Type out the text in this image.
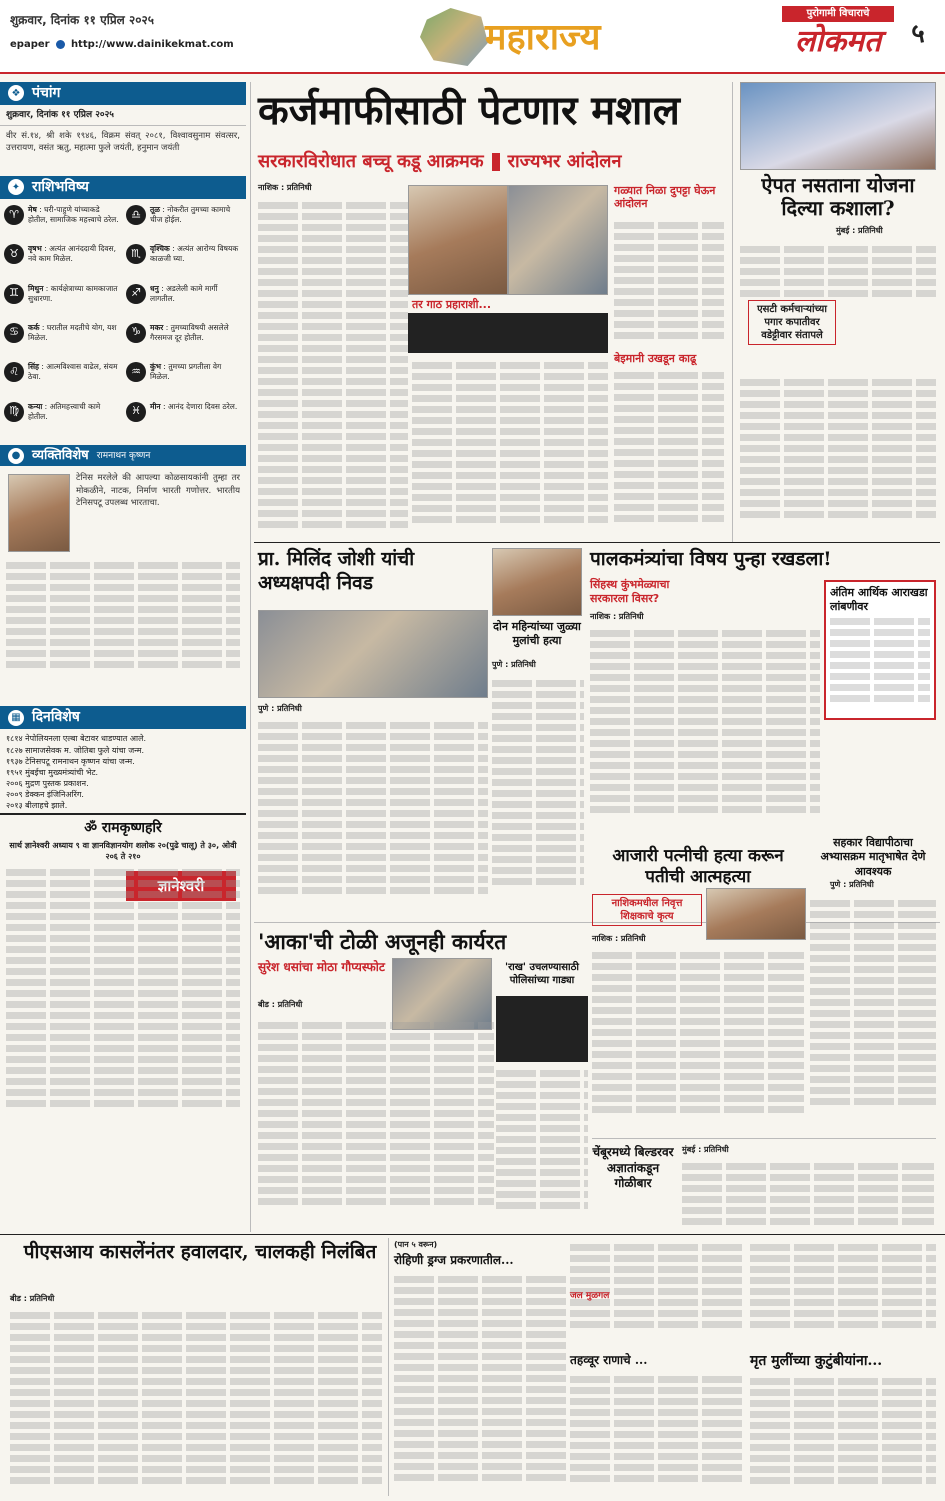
शुक्रवार, दिनांक ११ एप्रिल २०२५
epaper http://www.dainikekmat.com	महाराज्य
पुरोगामी विचाराचे
लोकमत	५
❖ पंचांग
शुक्रवार, दिनांक ११ एप्रिल २०२५
वीर सं.१४, श्री शके १९४६, विक्रम संवत् २०८१, विश्वावसुनाम संवत्सर, उत्तरायण, वसंत ऋतु, महात्मा फुले जयंती, हनुमान जयंती
✦ राशिभविष्य
♈	मेष : घरी-पाहुणे यांच्याकडे होतील, सामाजिक महत्त्वाचे ठरेल.	♎	तूळ : नोकरीत तुमच्या कामाचे चीज होईल.
♉	वृषभ : अत्यंत आनंददायी दिवस, नवे काम मिळेल.	♏	वृश्चिक : अत्यंत आरोग्य विषयक काळजी घ्या.
♊	मिथुन : कार्यक्षेत्राच्या कामकाजात सुधारणा.	♐	धनु : अडलेली कामे मार्गी लागतील.
♋	कर्क : घरातील मदतीचे योग, यश मिळेल.	♑	मकर : तुमच्याविषयी असलेले गैरसमज दूर होतील.
♌	सिंह : आत्मविश्वास वाढेल, संयम ठेवा.	♒	कुंभ : तुमच्या प्रगतीला वेग मिळेल.
♍	कन्या : अतिमहत्त्वाची कामे होतील.	♓	मीन : आनंद देणारा दिवस ठरेल.
● व्यक्तिविशेष रामनाथन कृष्णन
टेनिस मरलेले की आपल्या कोळसायकांनी तुम्हा तर मोकळीने, नाटक, निर्माण भारती गणोत्तर. भारतीय टेनिसपटू उपलब्ध भारताचा.
▦ दिनविशेष
१८१४ नेपोलियनला एल्बा बेटावर धाडण्यात आले.
१८२७ सामाजसेवक म. जोतिबा फुले यांचा जन्म.
१९३७ टेनिसपटू रामनाथन कृष्णन यांचा जन्म.
१९५१ मुंबईचा मुख्यमंत्र्यांची भेट.
२००६ मुद्रण पुस्तक प्रकाशन.
२००९ डेक्कन इंजिनिअरिंग.
२०१३ बीलाहचे झाले.
ॐ रामकृष्णहरि
सार्थ ज्ञानेश्वरी अध्याय ९ वा ज्ञानविज्ञानयोग शलोक २०(पुढे चालू) ते ३०, ओवी २०६ ते २१०
ज्ञानेश्वरी
कर्जमाफीसाठी पेटणार मशाल
सरकारविरोधात बच्चू कडू आक्रमक राज्यभर आंदोलन
नाशिक : प्रतिनिधी
तर गाठ प्रहाराशी...
गळ्यात निळा दुपट्टा घेऊन आंदोलन
बेइमानी उखडून काढू
ऐपत नसताना योजना दिल्या कशाला?
मुंबई : प्रतिनिधी
एसटी कर्मचाऱ्यांच्या पगार कपातीवर वडेट्टीवार संतापले
प्रा. मिलिंद जोशी यांची अध्यक्षपदी निवड
पुणे : प्रतिनिधी
दोन महिन्यांच्या जुळ्या मुलांची हत्या
पुणे : प्रतिनिधी
पालकमंत्र्यांचा विषय पुन्हा रखडला!
सिंहस्थ कुंभमेळ्याचा सरकारला विसर?
नाशिक : प्रतिनिधी
अंतिम आर्थिक आराखडा लांबणीवर
'आका'ची टोळी अजूनही कार्यरत
सुरेश धसांचा मोठा गौप्यस्फोट
बीड : प्रतिनिधी
'राख' उचलण्यासाठी पोलिसांच्या गाड्या
आजारी पत्नीची हत्या करून पतीची आत्महत्या
नाशिकमधील निवृत्त शिक्षकाचे कृत्य
नाशिक : प्रतिनिधी
सहकार विद्यापीठाचा अभ्यासक्रम मातृभाषेत देणे आवश्यक
पुणे : प्रतिनिधी
चेंबूरमध्ये बिल्डरवर अज्ञातांकडून गोळीबार
मुंबई : प्रतिनिधी
पीएसआय कासलेंनंतर हवालदार, चालकही निलंबित
बीड : प्रतिनिधी
(पान ५ वरून)
रोहिणी ड्रग्ज प्रकरणातील...
तहव्वूर राणाचे ...
जल मुळगल
मृत मुलींच्या कुटुंबीयांना...
